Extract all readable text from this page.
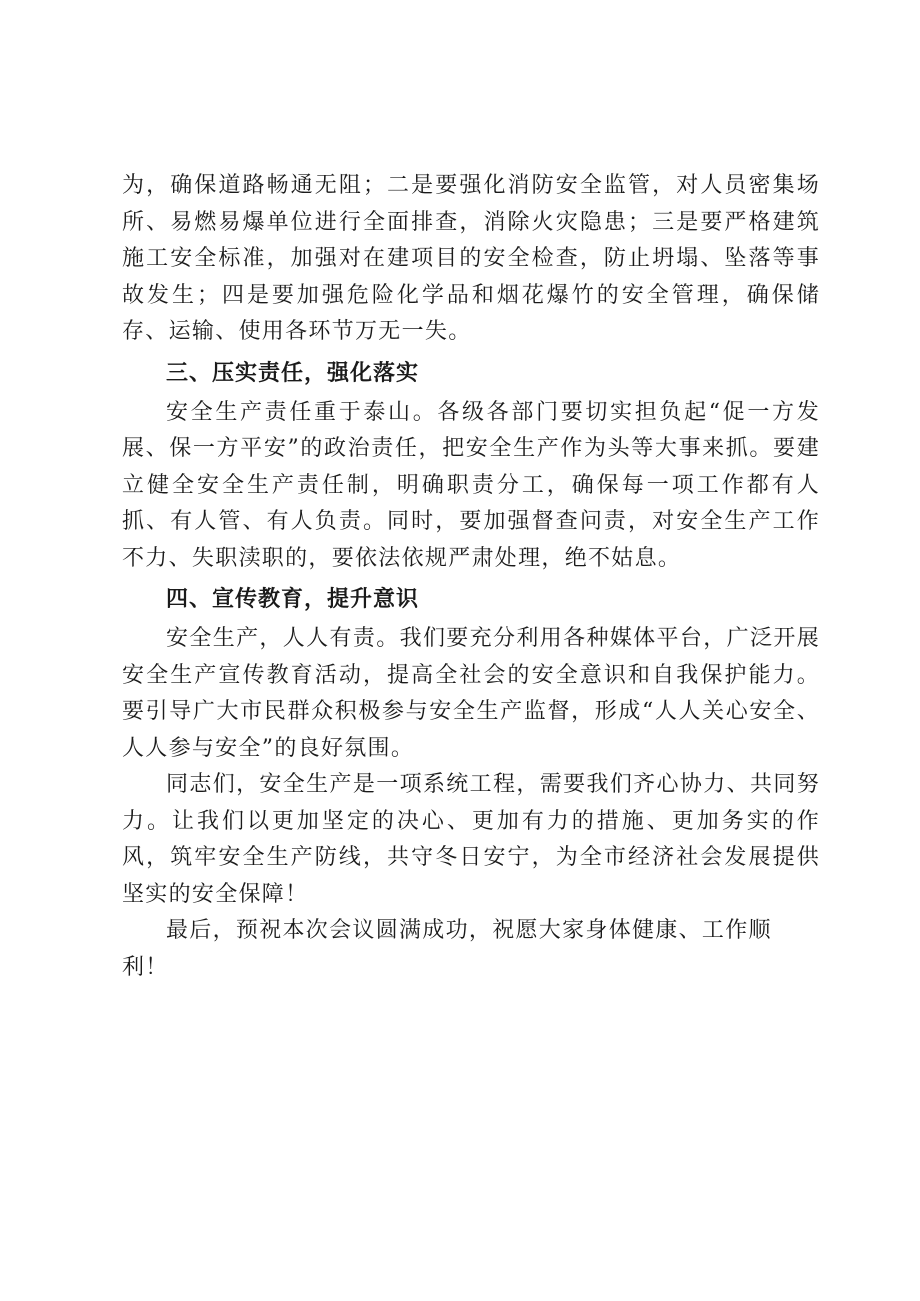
为，确保道路畅通无阻；二是要强化消防安全监管，对人员密集场所、易燃易爆单位进行全面排查，消除火灾隐患；三是要严格建筑施工安全标准，加强对在建项目的安全检查，防止坍塌、坠落等事故发生；四是要加强危险化学品和烟花爆竹的安全管理，确保储存、运输、使用各环节万无一失。

三、压实责任，强化落实

安全生产责任重于泰山。各级各部门要切实担负起“促一方发展、保一方平安”的政治责任，把安全生产作为头等大事来抓。要建立健全安全生产责任制，明确职责分工，确保每一项工作都有人抓、有人管、有人负责。同时，要加强督查问责，对安全生产工作不力、失职渎职的，要依法依规严肃处理，绝不姑息。

四、宣传教育，提升意识

安全生产，人人有责。我们要充分利用各种媒体平台，广泛开展安全生产宣传教育活动，提高全社会的安全意识和自我保护能力。要引导广大市民群众积极参与安全生产监督，形成“人人关心安全、人人参与安全”的良好氛围。

同志们，安全生产是一项系统工程，需要我们齐心协力、共同努力。让我们以更加坚定的决心、更加有力的措施、更加务实的作风，筑牢安全生产防线，共守冬日安宁，为全市经济社会发展提供坚实的安全保障！

最后，预祝本次会议圆满成功，祝愿大家身体健康、工作顺利！
